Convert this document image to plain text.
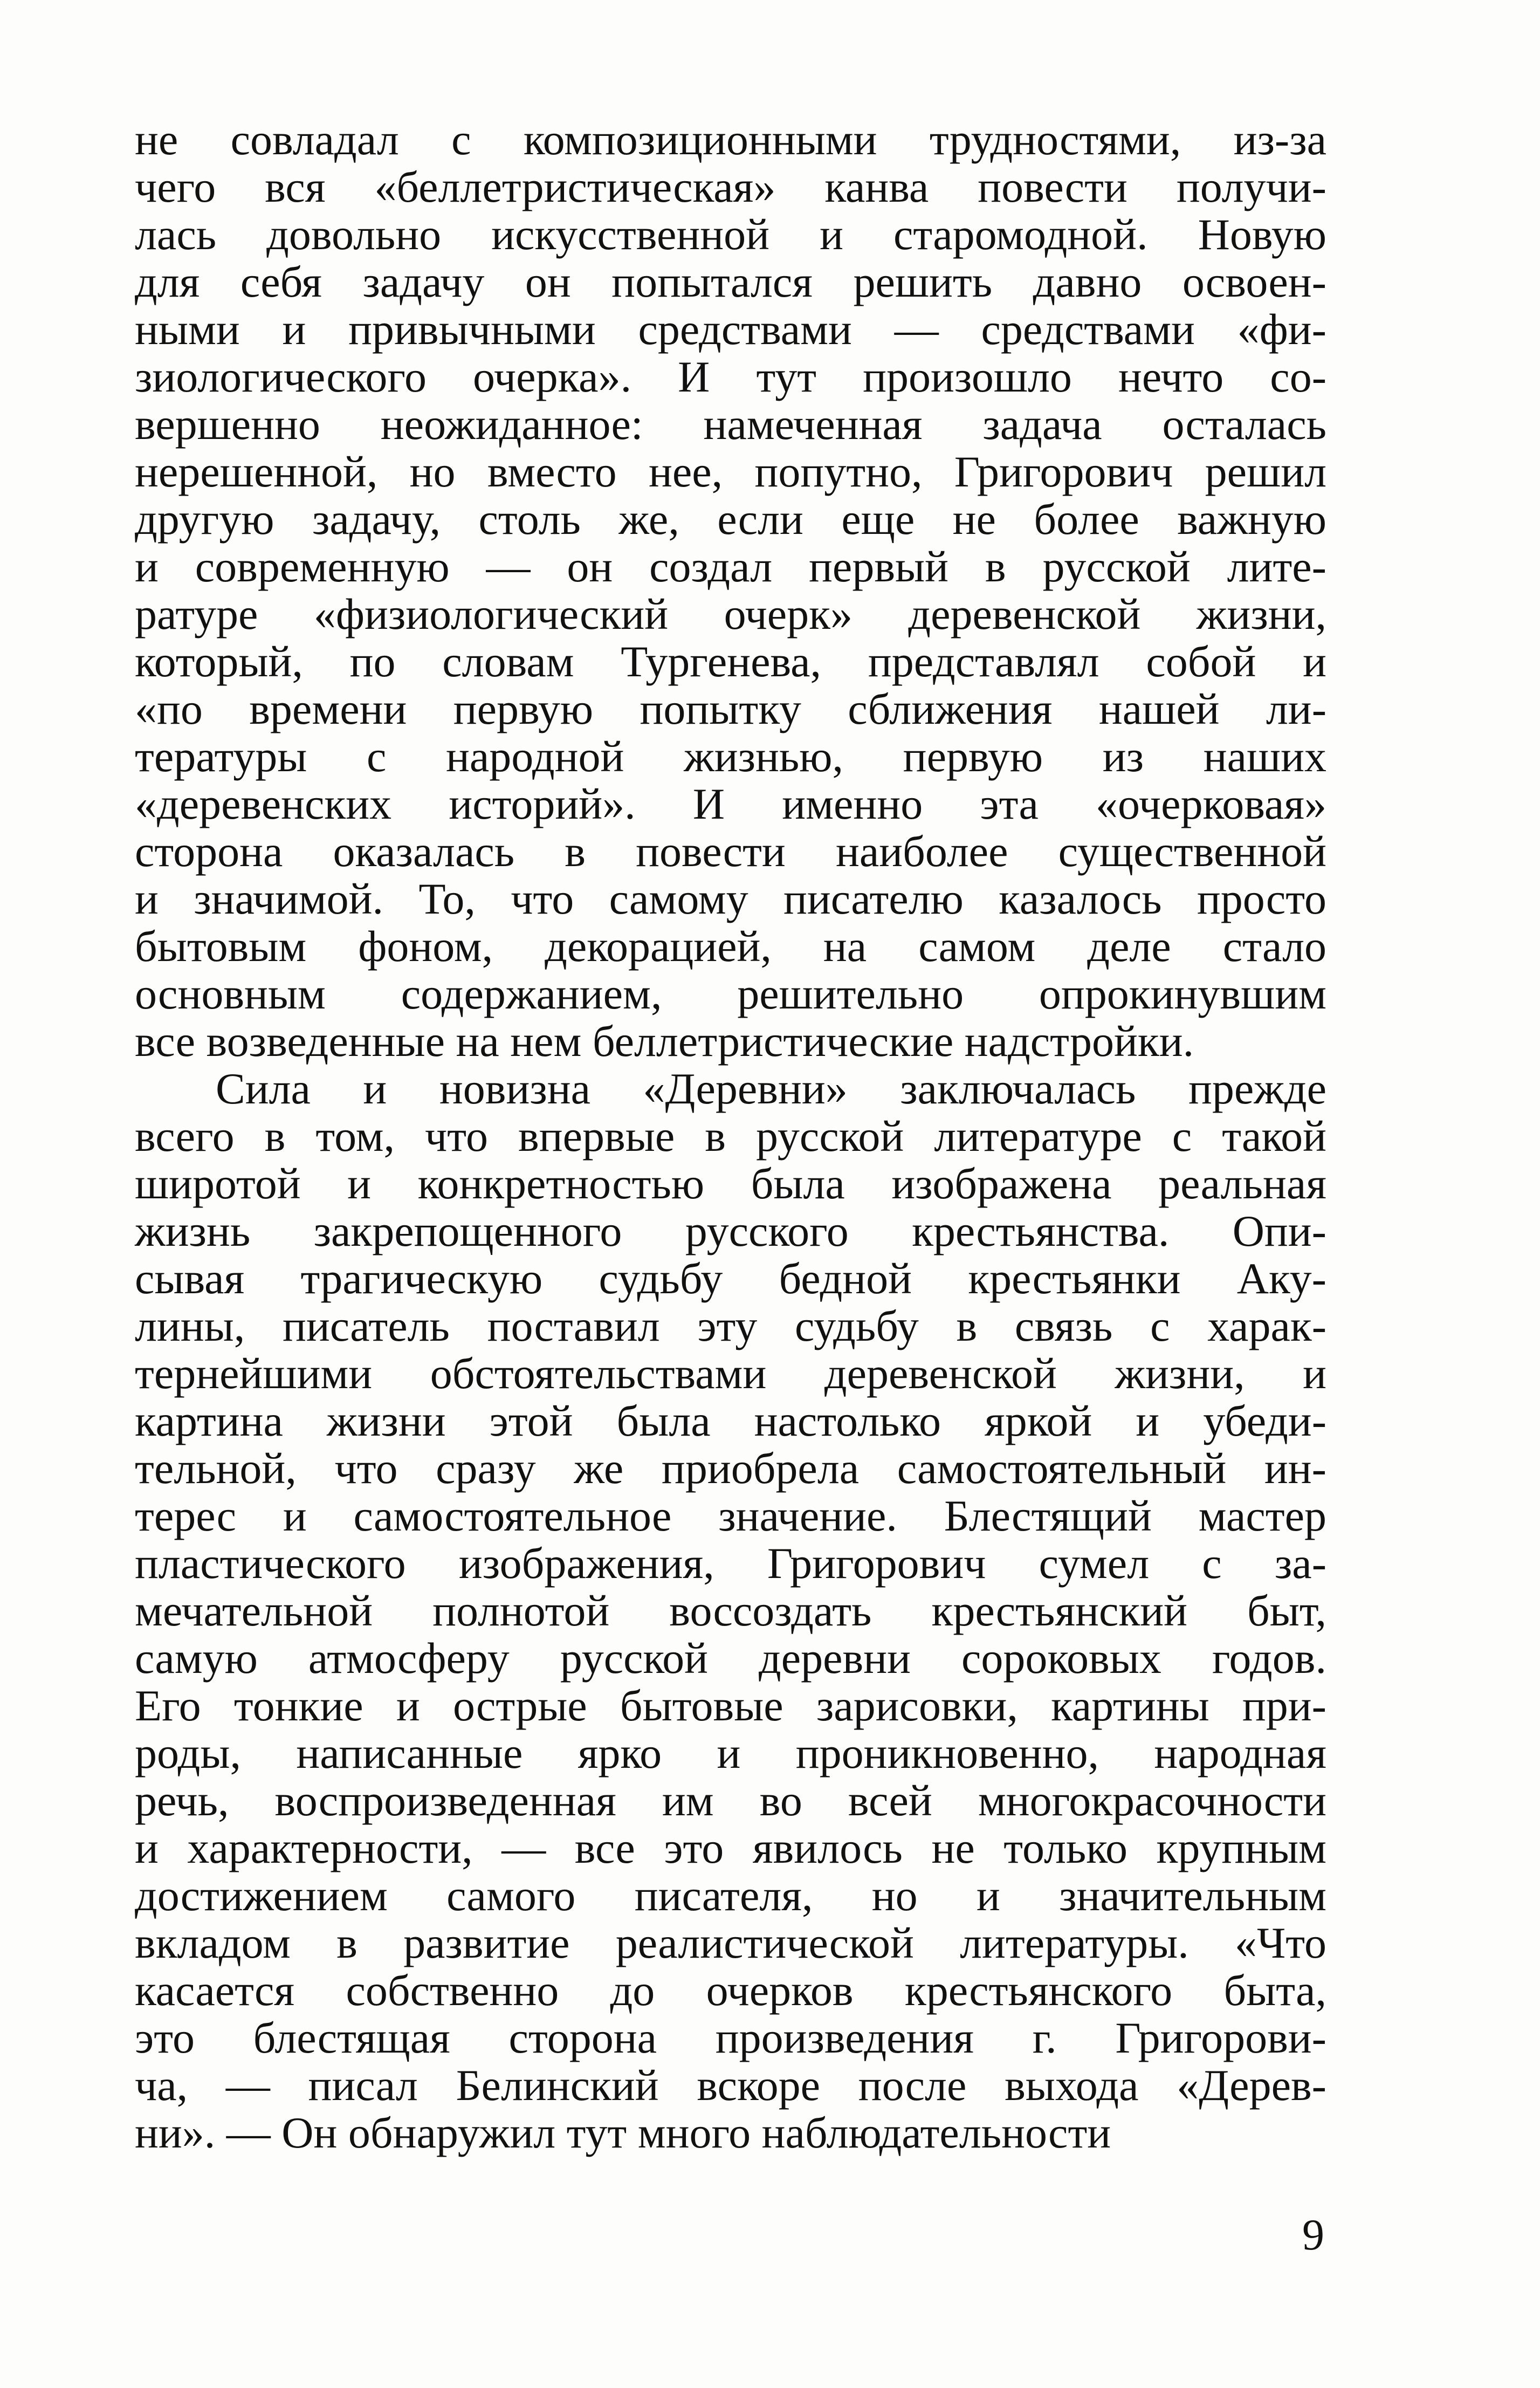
не совладал с композиционными трудностями, из-за
чего вся «беллетристическая» канва повести получи-
лась довольно искусственной и старомодной. Новую
для себя задачу он попытался решить давно освоен-
ными и привычными средствами — средствами «фи-
зиологического очерка». И тут произошло нечто со-
вершенно неожиданное: намеченная задача осталась
нерешенной, но вместо нее, попутно, Григорович решил
другую задачу, столь же, если еще не более важную
и современную — он создал первый в русской лите-
ратуре «физиологический очерк» деревенской жизни,
который, по словам Тургенева, представлял собой и
«по времени первую попытку сближения нашей ли-
тературы с народной жизнью, первую из наших
«деревенских историй». И именно эта «очерковая»
сторона оказалась в повести наиболее существенной
и значимой. То, что самому писателю казалось просто
бытовым фоном, декорацией, на самом деле стало
основным содержанием, решительно опрокинувшим
все возведенные на нем беллетристические надстройки.
Сила и новизна «Деревни» заключалась прежде
всего в том, что впервые в русской литературе с такой
широтой и конкретностью была изображена реальная
жизнь закрепощенного русского крестьянства. Опи-
сывая трагическую судьбу бедной крестьянки Аку-
лины, писатель поставил эту судьбу в связь с харак-
тернейшими обстоятельствами деревенской жизни, и
картина жизни этой была настолько яркой и убеди-
тельной, что сразу же приобрела самостоятельный ин-
терес и самостоятельное значение. Блестящий мастер
пластического изображения, Григорович сумел с за-
мечательной полнотой воссоздать крестьянский быт,
самую атмосферу русской деревни сороковых годов.
Его тонкие и острые бытовые зарисовки, картины при-
роды, написанные ярко и проникновенно, народная
речь, воспроизведенная им во всей многокрасочности
и характерности, — все это явилось не только крупным
достижением самого писателя, но и значительным
вкладом в развитие реалистической литературы. «Что
касается собственно до очерков крестьянского быта,
это блестящая сторона произведения г. Григорови-
ча, — писал Белинский вскоре после выхода «Дерев-
ни». — Он обнаружил тут много наблюдательности
9
